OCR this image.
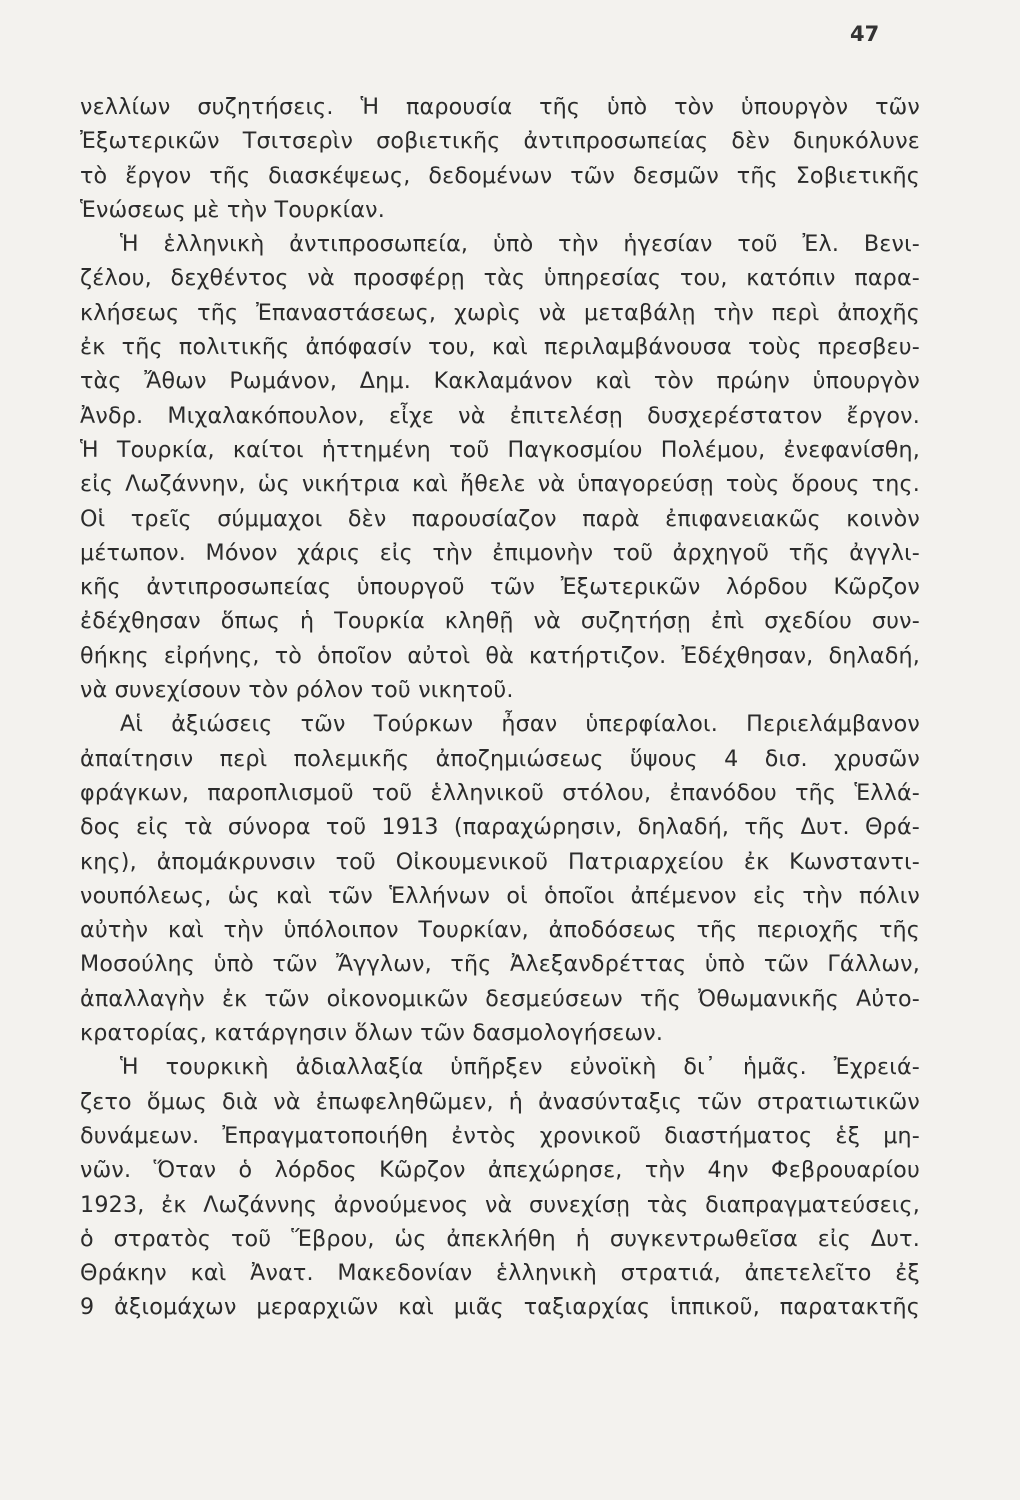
47
νελλίων συζητήσεις. Ἡ παρουσία τῆς ὑπὸ τὸν ὑπουργὸν τῶν
Ἐξωτερικῶν Τσιτσερὶν σοβιετικῆς ἀντιπροσωπείας δὲν διηυκόλυνε
τὸ ἔργον τῆς διασκέψεως, δεδομένων τῶν δεσμῶν τῆς Σοβιετικῆς
Ἑνώσεως μὲ τὴν Τουρκίαν.
Ἡ ἑλληνικὴ ἀντιπροσωπεία, ὑπὸ τὴν ἡγεσίαν τοῦ Ἐλ. Βενι-
ζέλου, δεχθέντος νὰ προσφέρῃ τὰς ὑπηρεσίας του, κατόπιν παρα-
κλήσεως τῆς Ἐπαναστάσεως, χωρὶς νὰ μεταβάλῃ τὴν περὶ ἀποχῆς
ἐκ τῆς πολιτικῆς ἀπόφασίν του, καὶ περιλαμβάνουσα τοὺς πρεσβευ-
τὰς Ἄθων Ρωμάνον, Δημ. Κακλαμάνον καὶ τὸν πρώην ὑπουργὸν
Ἀνδρ. Μιχαλακόπουλον, εἶχε νὰ ἐπιτελέσῃ δυσχερέστατον ἔργον.
Ἡ Τουρκία, καίτοι ἡττημένη τοῦ Παγκοσμίου Πολέμου, ἐνεφανίσθη,
εἰς Λωζάννην, ὡς νικήτρια καὶ ἤθελε νὰ ὑπαγορεύσῃ τοὺς ὅρους της.
Οἱ τρεῖς σύμμαχοι δὲν παρουσίαζον παρὰ ἐπιφανειακῶς κοινὸν
μέτωπον. Μόνον χάρις εἰς τὴν ἐπιμονὴν τοῦ ἀρχηγοῦ τῆς ἀγγλι-
κῆς ἀντιπροσωπείας ὑπουργοῦ τῶν Ἐξωτερικῶν λόρδου Κῶρζον
ἐδέχθησαν ὅπως ἡ Τουρκία κληθῇ νὰ συζητήσῃ ἐπὶ σχεδίου συν-
θήκης εἰρήνης, τὸ ὁποῖον αὐτοὶ θὰ κατήρτιζον. Ἐδέχθησαν, δηλαδή,
νὰ συνεχίσουν τὸν ρόλον τοῦ νικητοῦ.
Αἱ ἀξιώσεις τῶν Τούρκων ἦσαν ὑπερφίαλοι. Περιελάμβανον
ἀπαίτησιν περὶ πολεμικῆς ἀποζημιώσεως ὕψους 4 δισ. χρυσῶν
φράγκων, παροπλισμοῦ τοῦ ἑλληνικοῦ στόλου, ἐπανόδου τῆς Ἑλλά-
δος εἰς τὰ σύνορα τοῦ 1913 (παραχώρησιν, δηλαδή, τῆς Δυτ. Θρά-
κης), ἀπομάκρυνσιν τοῦ Οἰκουμενικοῦ Πατριαρχείου ἐκ Κωνσταντι-
νουπόλεως, ὡς καὶ τῶν Ἑλλήνων οἱ ὁποῖοι ἀπέμενον εἰς τὴν πόλιν
αὐτὴν καὶ τὴν ὑπόλοιπον Τουρκίαν, ἀποδόσεως τῆς περιοχῆς τῆς
Μοσούλης ὑπὸ τῶν Ἄγγλων, τῆς Ἀλεξανδρέττας ὑπὸ τῶν Γάλλων,
ἀπαλλαγὴν ἐκ τῶν οἰκονομικῶν δεσμεύσεων τῆς Ὀθωμανικῆς Αὐτο-
κρατορίας, κατάργησιν ὅλων τῶν δασμολογήσεων.
Ἡ τουρκικὴ ἀδιαλλαξία ὑπῆρξεν εὐνοϊκὴ δι᾽ ἡμᾶς. Ἐχρειά-
ζετο ὅμως διὰ νὰ ἐπωφεληθῶμεν, ἡ ἀνασύνταξις τῶν στρατιωτικῶν
δυνάμεων. Ἐπραγματοποιήθη ἐντὸς χρονικοῦ διαστήματος ἑξ μη-
νῶν. Ὅταν ὁ λόρδος Κῶρζον ἀπεχώρησε, τὴν 4ην Φεβρουαρίου
1923, ἐκ Λωζάννης ἀρνούμενος νὰ συνεχίσῃ τὰς διαπραγματεύσεις,
ὁ στρατὸς τοῦ Ἕβρου, ὡς ἀπεκλήθη ἡ συγκεντρωθεῖσα εἰς Δυτ.
Θράκην καὶ Ἀνατ. Μακεδονίαν ἑλληνικὴ στρατιά, ἀπετελεῖτο ἐξ
9 ἀξιομάχων μεραρχιῶν καὶ μιᾶς ταξιαρχίας ἱππικοῦ, παρατακτῆς
